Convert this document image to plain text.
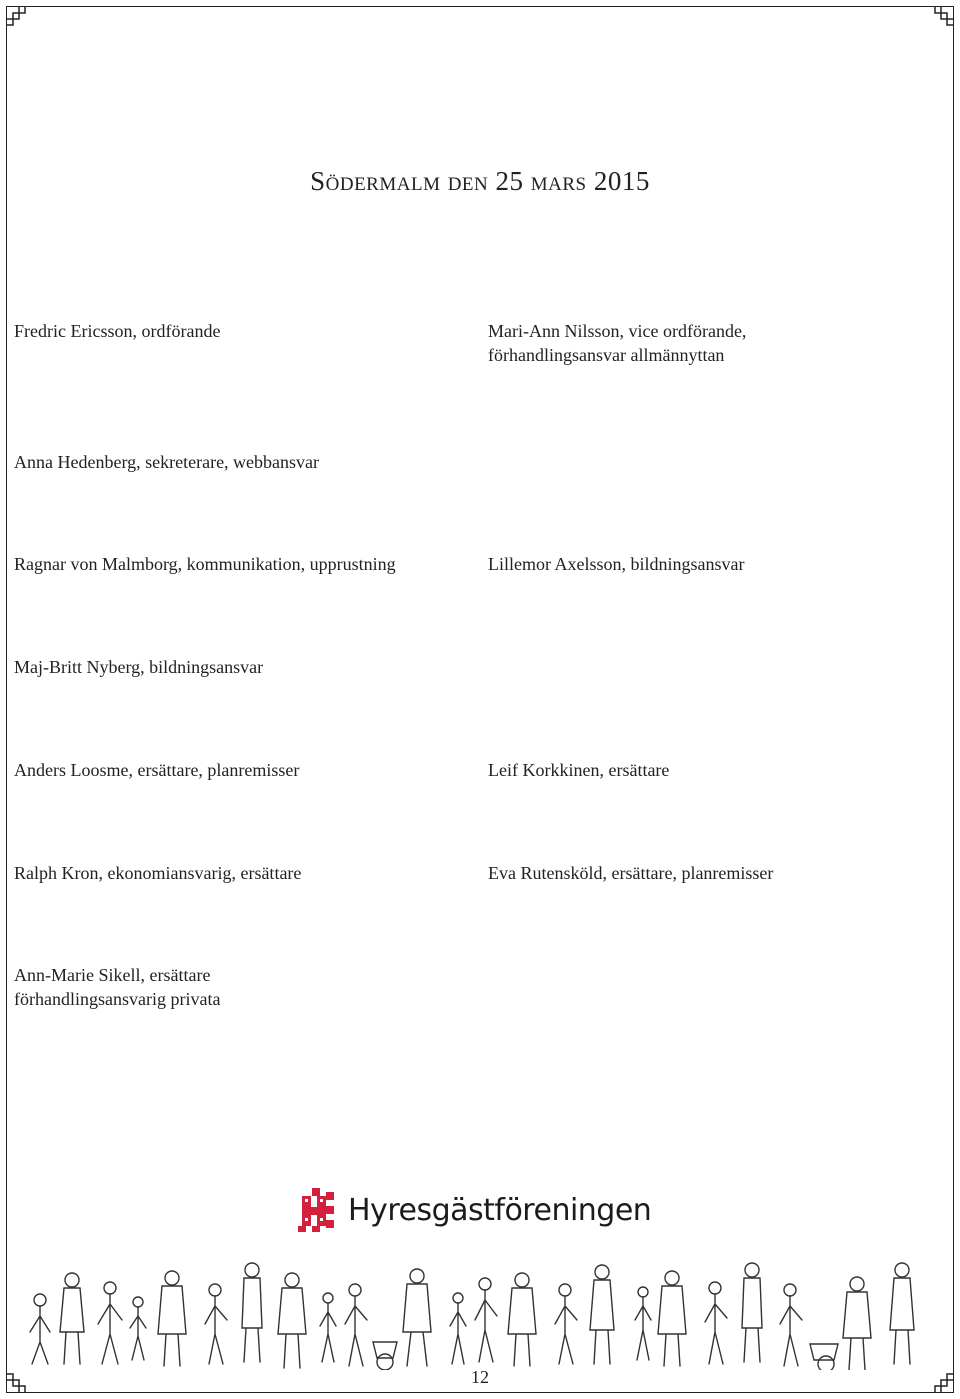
Södermalm den 25 mars 2015
Fredric Ericsson, ordförande	Mari-Ann Nilsson, vice ordförande,
förhandlingsansvar allmännyttan
Anna Hedenberg, sekreterare, webbansvar
Ragnar von Malmborg, kommunikation, upprustning	Lillemor Axelsson, bildningsansvar
Maj-Britt Nyberg, bildningsansvar
Anders Loosme, ersättare, planremisser	Leif Korkkinen, ersättare
Ralph Kron, ekonomiansvarig, ersättare	Eva Rutensköld, ersättare, planremisser
Ann-Marie Sikell, ersättare
förhandlingsansvarig privata
Hyresgästföreningen
12
